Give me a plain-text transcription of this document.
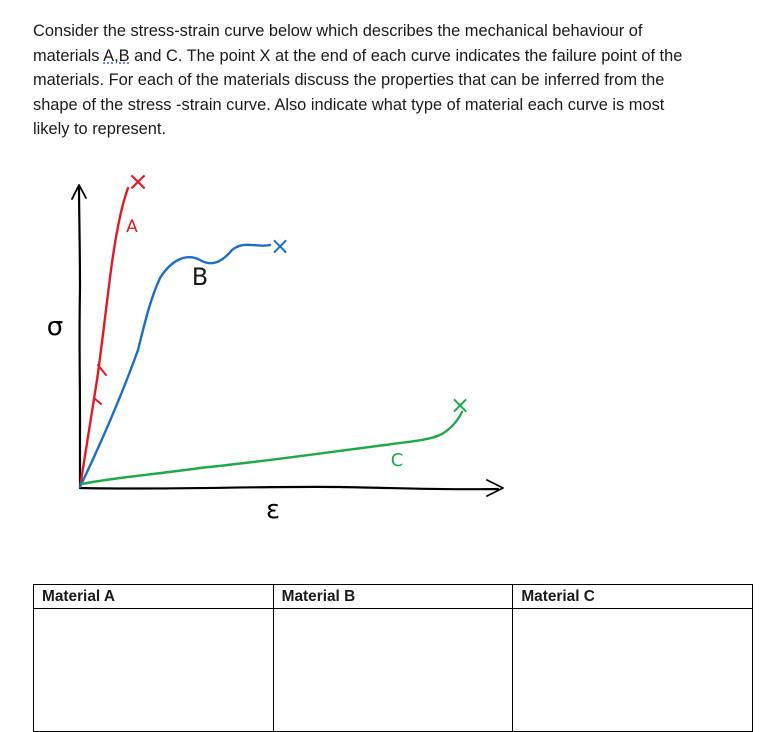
Consider the stress-strain curve below which describes the mechanical behaviour of
materials A,B and C. The point X at the end of each curve indicates the failure point of the
materials. For each of the materials discuss the properties that can be inferred from the
shape of the stress -strain curve. Also indicate what type of material each curve is most
likely to represent.

σ
ε
×
A
×
B
×
C
Material A	Material B	Material C
